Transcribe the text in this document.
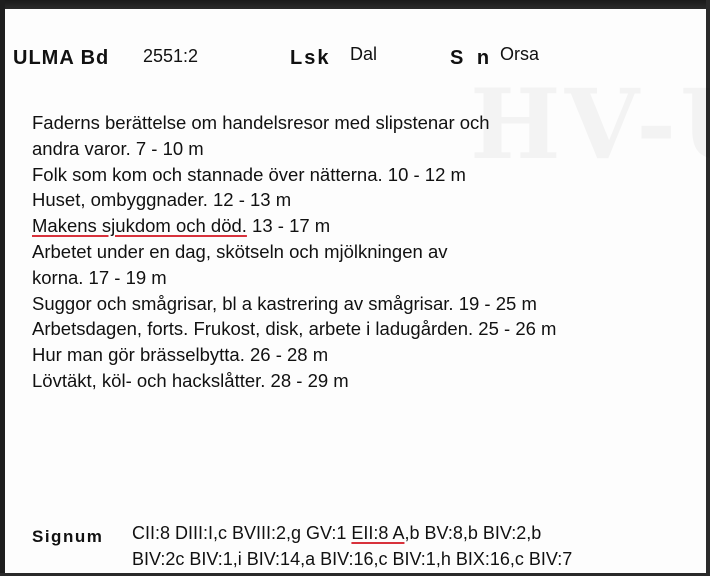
ULMA Bd 2551:2	Lsk Dal	S n Orsa
Faderns berättelse om handelsresor med slipstenar och
andra varor. 7 - 10 m
Folk som kom och stannade över nätterna. 10 - 12 m
Huset, ombyggnader. 12 - 13 m
Makens sjukdom och död. 13 - 17 m
Arbetet under en dag, skötseln och mjölkningen av
korna. 17 - 19 m
Suggor och smågrisar, bl a kastrering av smågrisar. 19 - 25 m
Arbetsdagen, forts. Frukost, disk, arbete i ladugården. 25 - 26 m
Hur man gör brässelbytta. 26 - 28 m
Lövtäkt, köl- och hackslåtter. 28 - 29 m
Signum CII:8 DIII:I,c BVIII:2,g GV:1 EII:8 A,b BV:8,b BIV:2,b
BIV:2c BIV:1,i BIV:14,a BIV:16,c BIV:1,h BIX:16,c BIV:7
